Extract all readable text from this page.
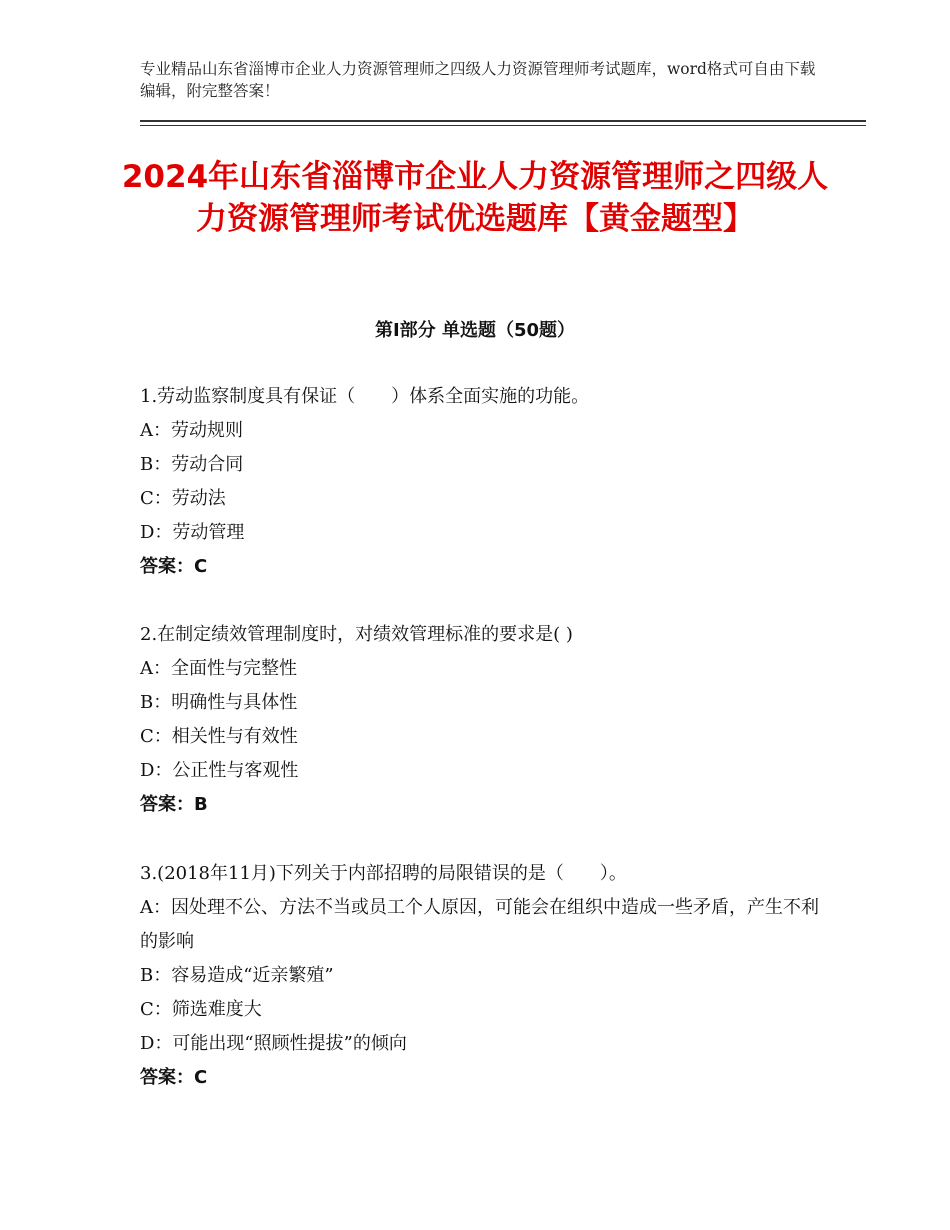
专业精品山东省淄博市企业人力资源管理师之四级人力资源管理师考试题库，word格式可自由下载编辑，附完整答案！
2024年山东省淄博市企业人力资源管理师之四级人力资源管理师考试优选题库【黄金题型】
第Ⅰ部分 单选题（50题）
1.劳动监察制度具有保证（　　）体系全面实施的功能。
A：劳动规则
B：劳动合同
C：劳动法
D：劳动管理
答案：C
2.在制定绩效管理制度时，对绩效管理标准的要求是( )
A：全面性与完整性
B：明确性与具体性
C：相关性与有效性
D：公正性与客观性
答案：B
3.(2018年11月)下列关于内部招聘的局限错误的是（　　）。
A：因处理不公、方法不当或员工个人原因，可能会在组织中造成一些矛盾，产生不利的影响
B：容易造成“近亲繁殖”
C：筛选难度大
D：可能出现“照顾性提拔”的倾向
答案：C
